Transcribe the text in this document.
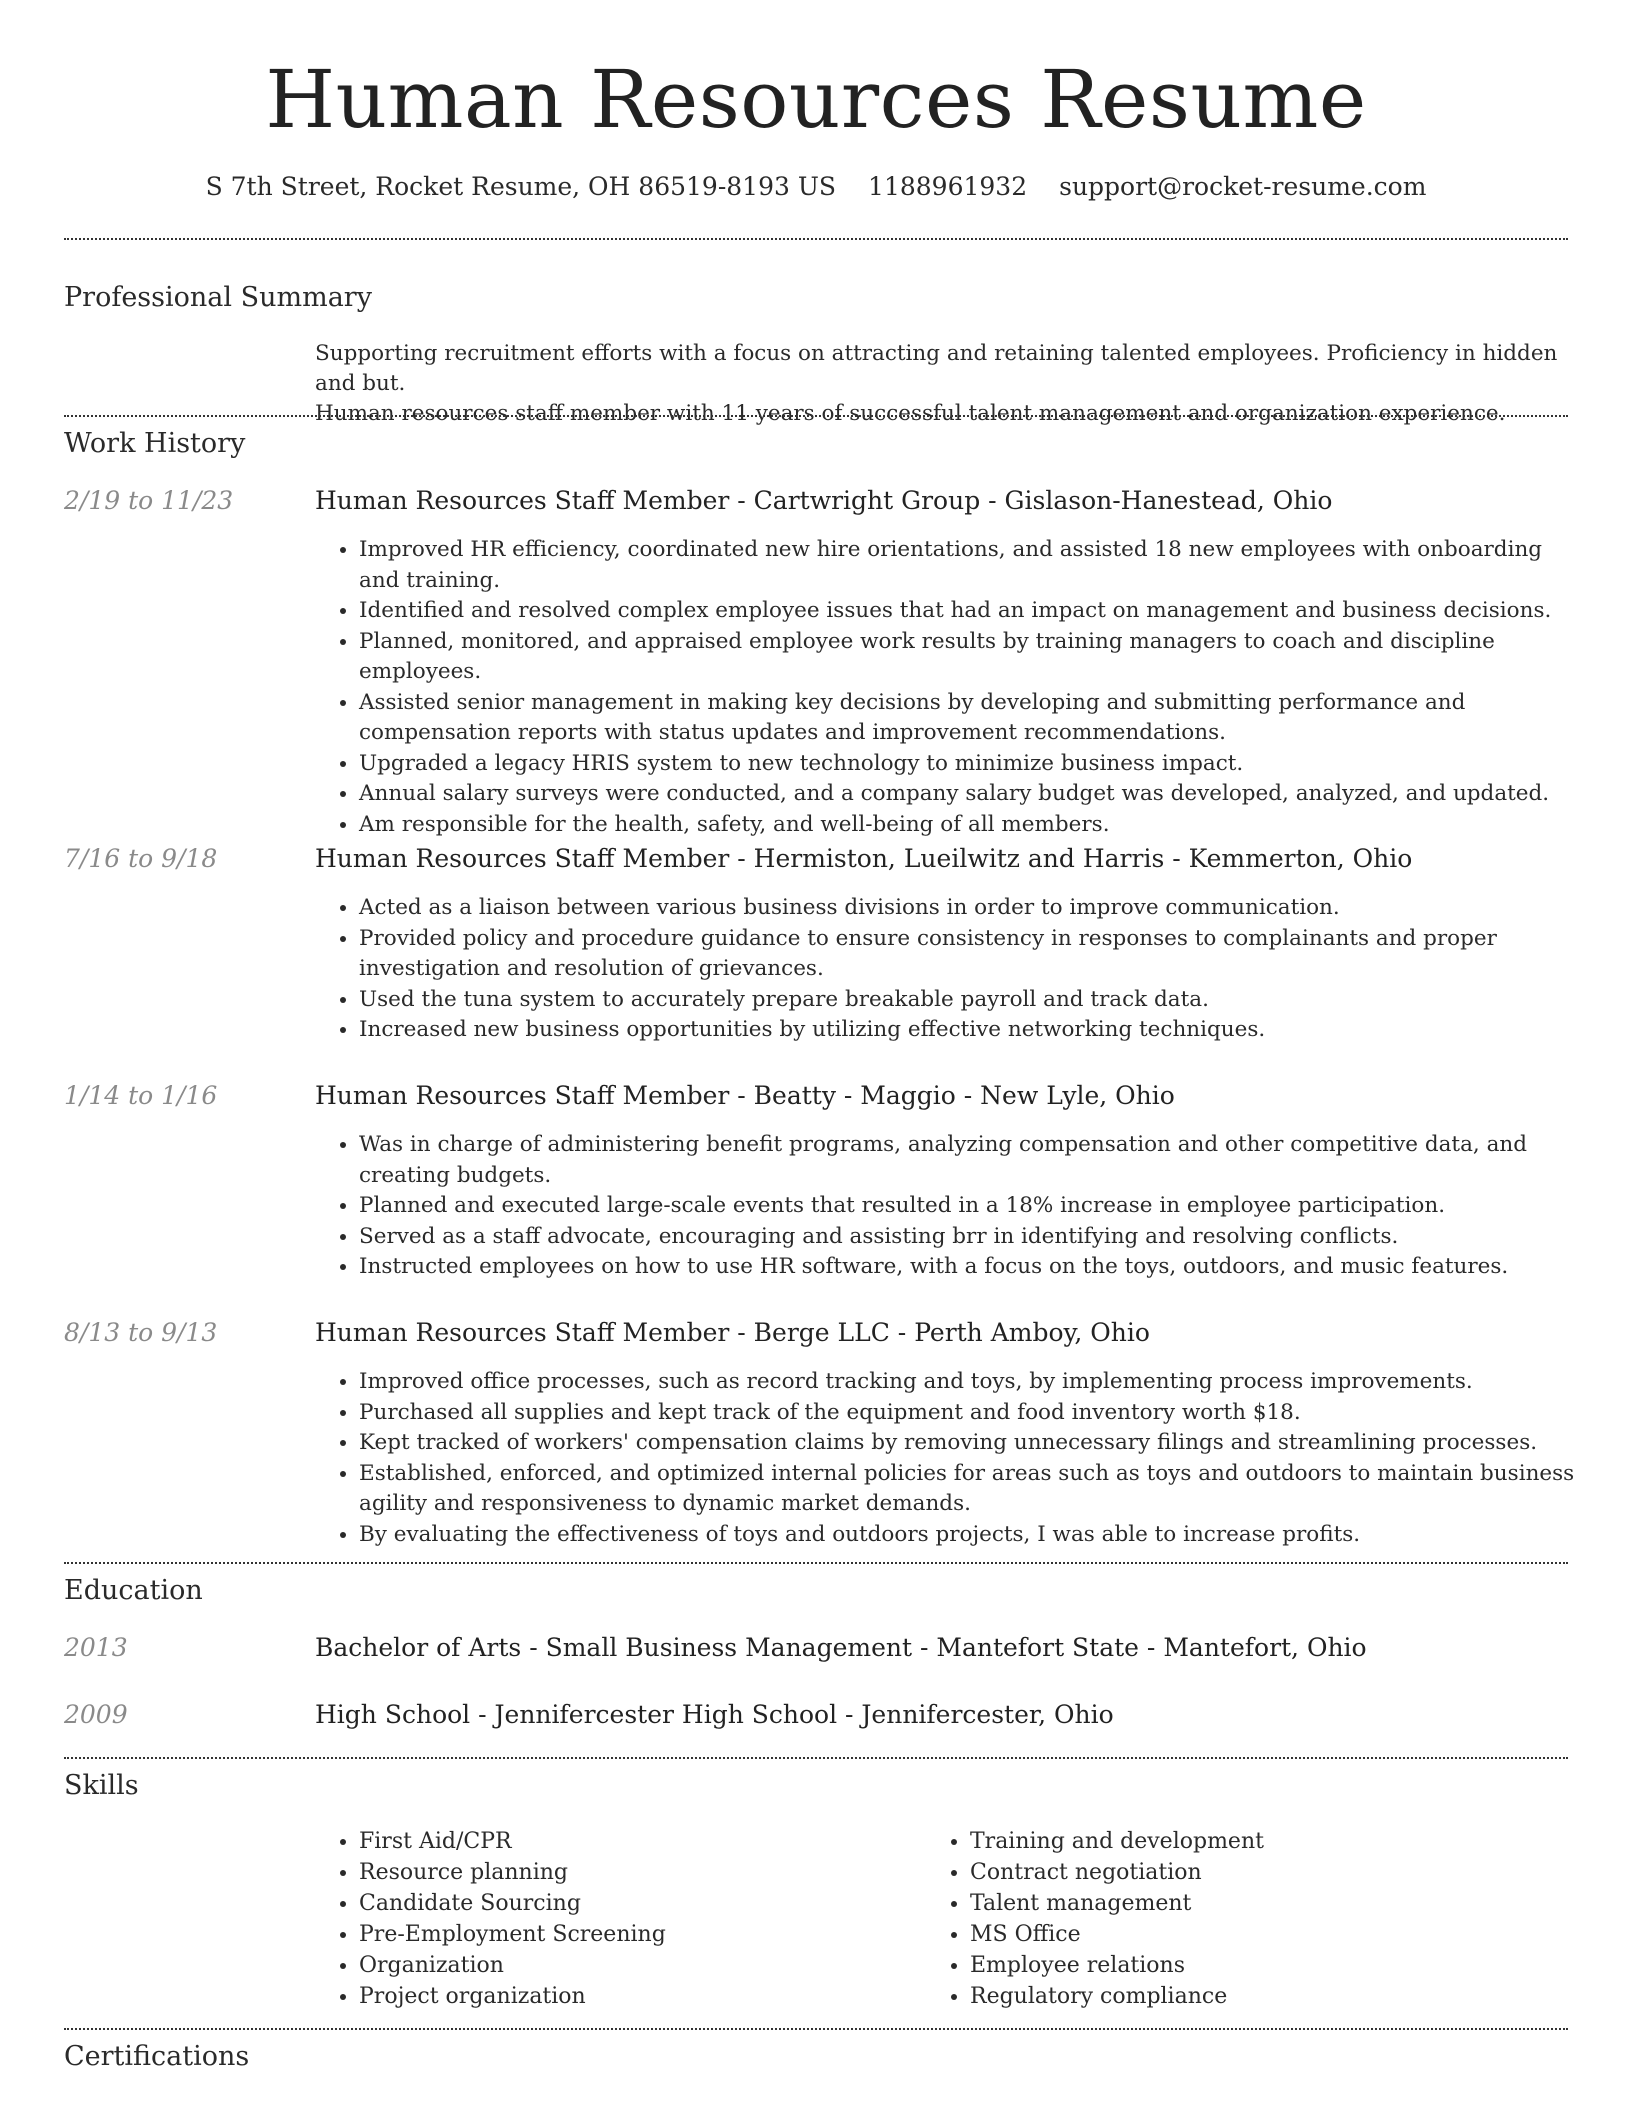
Human Resources Resume
S 7th Street, Rocket Resume, OH 86519-8193 US 1188961932 support@rocket-resume.com
Professional Summary
Supporting recruitment efforts with a focus on attracting and retaining talented employees. Proficiency in hidden and but.
Human resources staff member with 11 years of successful talent management and organization experience.
Work History
2/19 to 11/23	Human Resources Staff Member - Cartwright Group - Gislason-Hanestead, Ohio
• Improved HR efficiency, coordinated new hire orientations, and assisted 18 new employees with onboarding and training.
• Identified and resolved complex employee issues that had an impact on management and business decisions.
• Planned, monitored, and appraised employee work results by training managers to coach and discipline employees.
• Assisted senior management in making key decisions by developing and submitting performance and compensation reports with status updates and improvement recommendations.
• Upgraded a legacy HRIS system to new technology to minimize business impact.
• Annual salary surveys were conducted, and a company salary budget was developed, analyzed, and updated.
• Am responsible for the health, safety, and well-being of all members.
7/16 to 9/18	Human Resources Staff Member - Hermiston, Lueilwitz and Harris - Kemmerton, Ohio
• Acted as a liaison between various business divisions in order to improve communication.
• Provided policy and procedure guidance to ensure consistency in responses to complainants and proper investigation and resolution of grievances.
• Used the tuna system to accurately prepare breakable payroll and track data.
• Increased new business opportunities by utilizing effective networking techniques.
1/14 to 1/16	Human Resources Staff Member - Beatty - Maggio - New Lyle, Ohio
• Was in charge of administering benefit programs, analyzing compensation and other competitive data, and creating budgets.
• Planned and executed large-scale events that resulted in a 18% increase in employee participation.
• Served as a staff advocate, encouraging and assisting brr in identifying and resolving conflicts.
• Instructed employees on how to use HR software, with a focus on the toys, outdoors, and music features.
8/13 to 9/13	Human Resources Staff Member - Berge LLC - Perth Amboy, Ohio
• Improved office processes, such as record tracking and toys, by implementing process improvements.
• Purchased all supplies and kept track of the equipment and food inventory worth $18.
• Kept tracked of workers' compensation claims by removing unnecessary filings and streamlining processes.
• Established, enforced, and optimized internal policies for areas such as toys and outdoors to maintain business agility and responsiveness to dynamic market demands.
• By evaluating the effectiveness of toys and outdoors projects, I was able to increase profits.
Education
2013	Bachelor of Arts - Small Business Management - Mantefort State - Mantefort, Ohio
2009	High School - Jennifercester High School - Jennifercester, Ohio
Skills
• First Aid/CPR
• Resource planning
• Candidate Sourcing
• Pre-Employment Screening
• Organization
• Project organization
• Training and development
• Contract negotiation
• Talent management
• MS Office
• Employee relations
• Regulatory compliance
Certifications
